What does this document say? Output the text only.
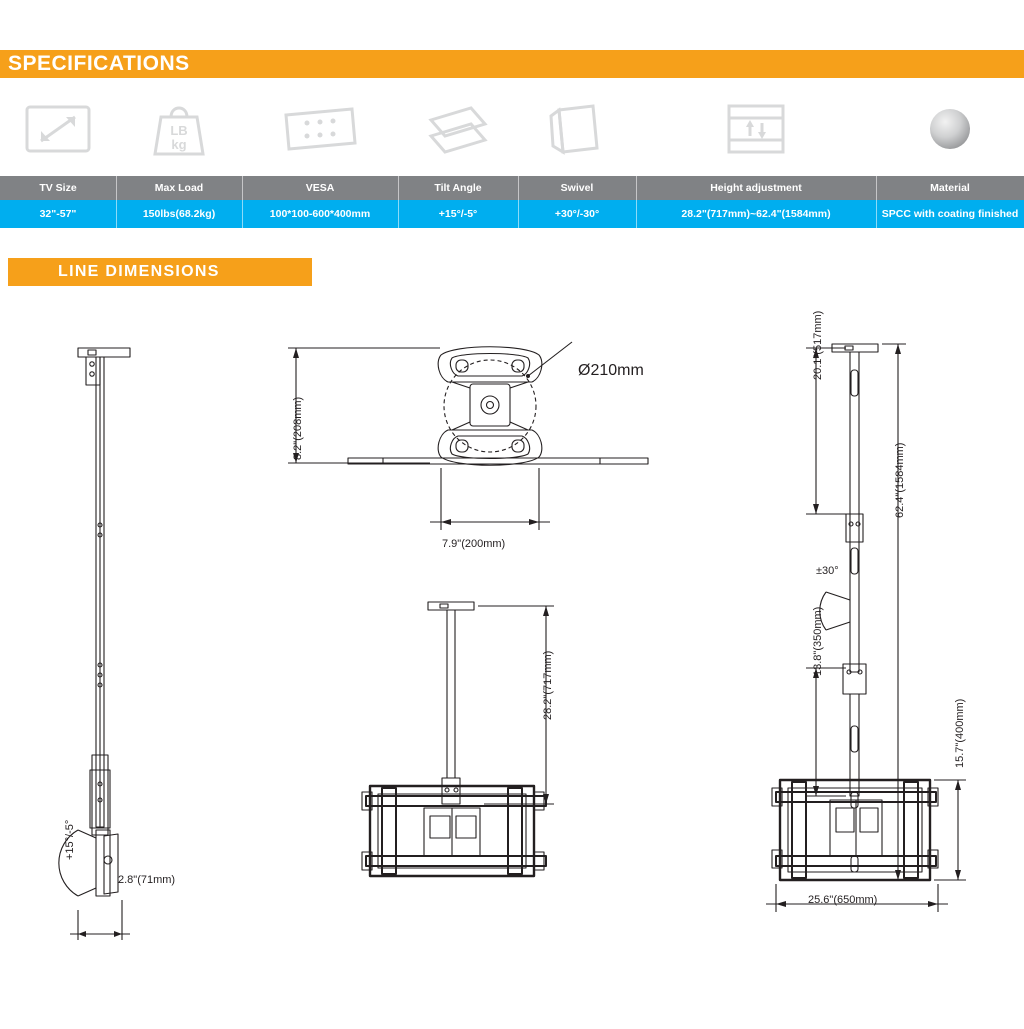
SPECIFICATIONS
LB
kg
TV Size	Max Load	VESA	Tilt Angle	Swivel	Height adjustment	Material
32"-57"	150lbs(68.2kg)	100*100-600*400mm	+15°/-5°	+30°/-30°	28.2"(717mm)~62.4"(1584mm)	SPCC with coating finished
LINE DIMENSIONS
8.2"(208mm)
Ø210mm
7.9"(200mm)
+15°/-5°
2.8"(71mm)
28.2"(717mm)
20.1"(517mm)
62.4"(1584mm)
±30°
13.8"(350mm)
15.7"(400mm)
25.6"(650mm)
